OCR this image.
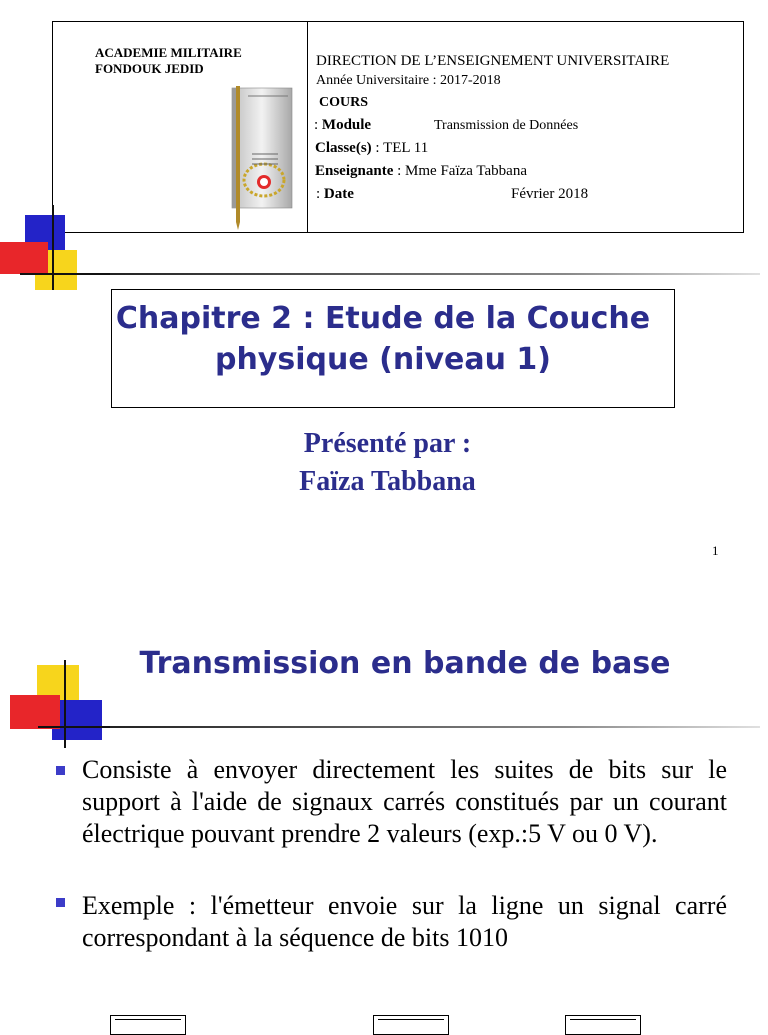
ACADEMIE MILITAIRE
FONDOUK JEDID	DIRECTION DE L’ENSEIGNEMENT UNIVERSITAIRE
Année Universitaire : 2017-2018
COURS
: Module	Transmission de Données
Classe(s) : TEL 11
Enseignante : Mme Faïza Tabbana
: Date	Février 2018
Chapitre 2 : Etude de la Couche
physique (niveau 1)
Présenté par :
Faïza Tabbana
1
Transmission en bande de base
Consiste à envoyer directement les suites de bits sur le support à l'aide de signaux carrés constitués par un courant électrique pouvant prendre 2 valeurs (exp.:5 V ou 0 V).
Exemple : l'émetteur envoie sur la ligne un signal carré correspondant à la séquence de bits 1010
